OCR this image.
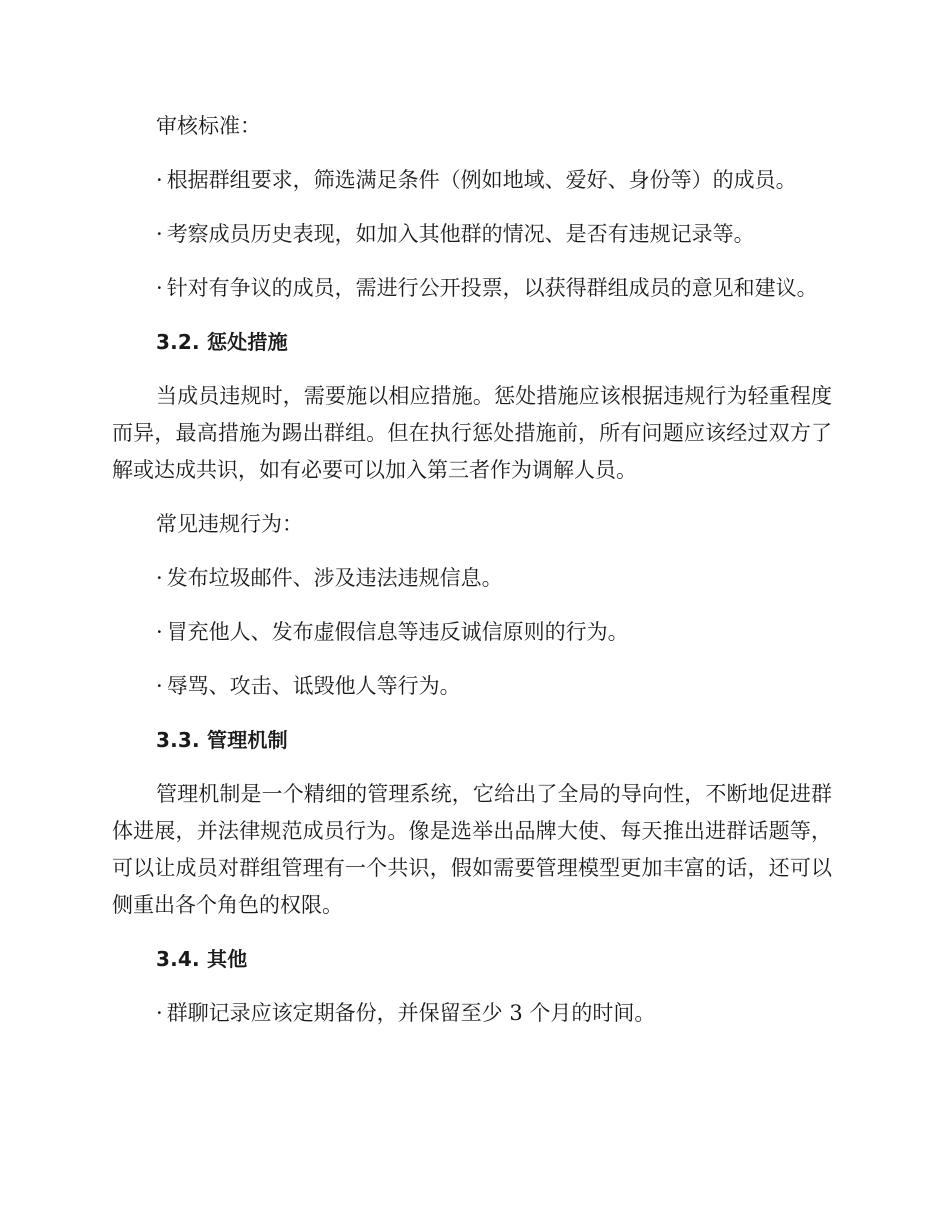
审核标准：

· 根据群组要求，筛选满足条件（例如地域、爱好、身份等）的成员。

· 考察成员历史表现，如加入其他群的情况、是否有违规记录等。

· 针对有争议的成员，需进行公开投票，以获得群组成员的意见和建议。

3.2. 惩处措施

当成员违规时，需要施以相应措施。惩处措施应该根据违规行为轻重程度而异，最高措施为踢出群组。但在执行惩处措施前，所有问题应该经过双方了解或达成共识，如有必要可以加入第三者作为调解人员。

常见违规行为：

· 发布垃圾邮件、涉及违法违规信息。

· 冒充他人、发布虚假信息等违反诚信原则的行为。

· 辱骂、攻击、诋毁他人等行为。

3.3. 管理机制

管理机制是一个精细的管理系统，它给出了全局的导向性，不断地促进群体进展，并法律规范成员行为。像是选举出品牌大使、每天推出进群话题等，可以让成员对群组管理有一个共识，假如需要管理模型更加丰富的话，还可以侧重出各个角色的权限。

3.4. 其他

· 群聊记录应该定期备份，并保留至少 3 个月的时间。
